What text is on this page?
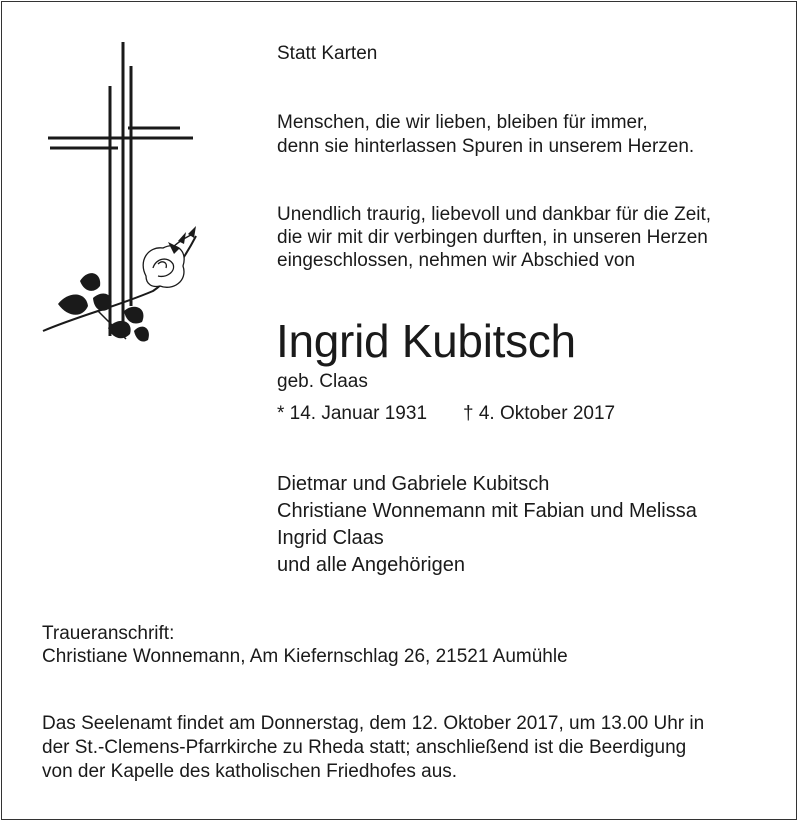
Statt Karten

Menschen, die wir lieben, bleiben für immer,

denn sie hinterlassen Spuren in unserem Herzen.

Unendlich traurig, liebevoll und dankbar für die Zeit,

die wir mit dir verbingen durften, in unseren Herzen

eingeschlossen, nehmen wir Abschied von

Ingrid Kubitsch

geb. Claas

* 14. Januar 1931 † 4. Oktober 2017

Dietmar und Gabriele Kubitsch

Christiane Wonnemann mit Fabian und Melissa

Ingrid Claas

und alle Angehörigen

Traueranschrift:

Christiane Wonnemann, Am Kiefernschlag 26, 21521 Aumühle

Das Seelenamt findet am Donnerstag, dem 12. Oktober 2017, um 13.00 Uhr in

der St.-Clemens-Pfarrkirche zu Rheda statt; anschließend ist die Beerdigung

von der Kapelle des katholischen Friedhofes aus.
